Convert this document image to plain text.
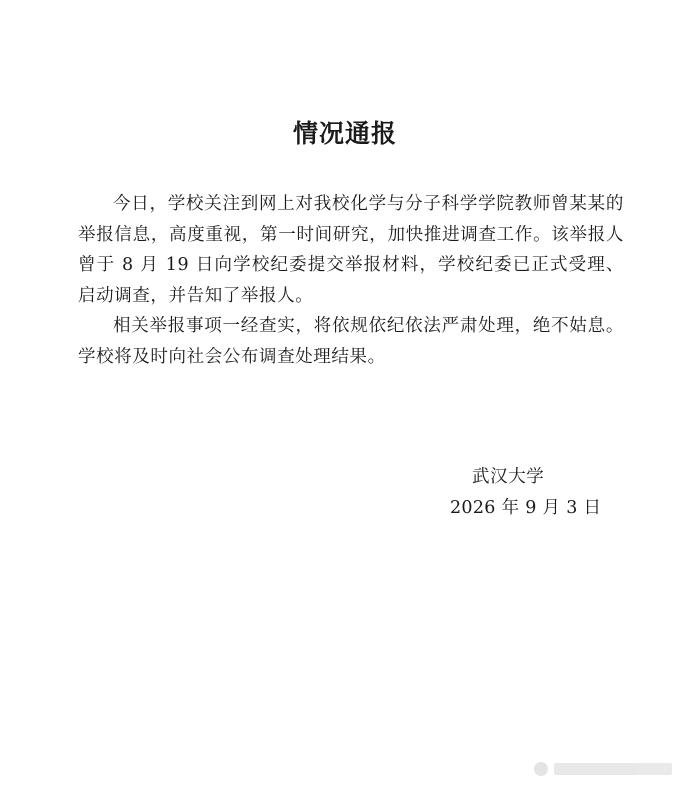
情况通报

今日，学校关注到网上对我校化学与分子科学学院教师曾某某的举报信息，高度重视，第一时间研究，加快推进调查工作。该举报人曾于 8 月 19 日向学校纪委提交举报材料，学校纪委已正式受理、启动调查，并告知了举报人。

相关举报事项一经查实，将依规依纪依法严肃处理，绝不姑息。学校将及时向社会公布调查处理结果。

武汉大学
2026 年 9 月 3 日
